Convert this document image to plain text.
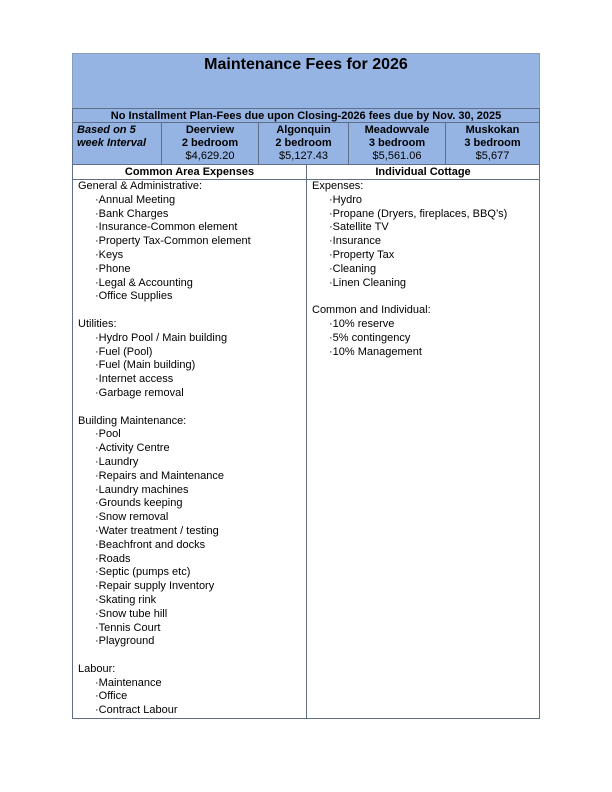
Maintenance Fees for 2026
No Installment Plan-Fees due upon Closing-2026 fees due by Nov. 30, 2025
Based on 5
week Interval
Deerview
2 bedroom
$4,629.20
Algonquin
2 bedroom
$5,127.43
Meadowvale
3 bedroom
$5,561.06
Muskokan
3 bedroom
$5,677
Common Area Expenses
General & Administrative:
·Annual Meeting
·Bank Charges
·Insurance-Common element
·Property Tax-Common element
·Keys
·Phone
·Legal & Accounting
·Office Supplies
Utilities:
·Hydro Pool / Main building
·Fuel (Pool)
·Fuel (Main building)
·Internet access
·Garbage removal
Building Maintenance:
·Pool
·Activity Centre
·Laundry
·Repairs and Maintenance
·Laundry machines
·Grounds keeping
·Snow removal
·Water treatment / testing
·Beachfront and docks
·Roads
·Septic (pumps etc)
·Repair supply Inventory
·Skating rink
·Snow tube hill
·Tennis Court
·Playground
Labour:
·Maintenance
·Office
·Contract Labour
Individual Cottage
Expenses:
·Hydro
·Propane (Dryers, fireplaces, BBQ’s)
·Satellite TV
·Insurance
·Property Tax
·Cleaning
·Linen Cleaning
Common and Individual:
·10% reserve
·5% contingency
·10% Management
